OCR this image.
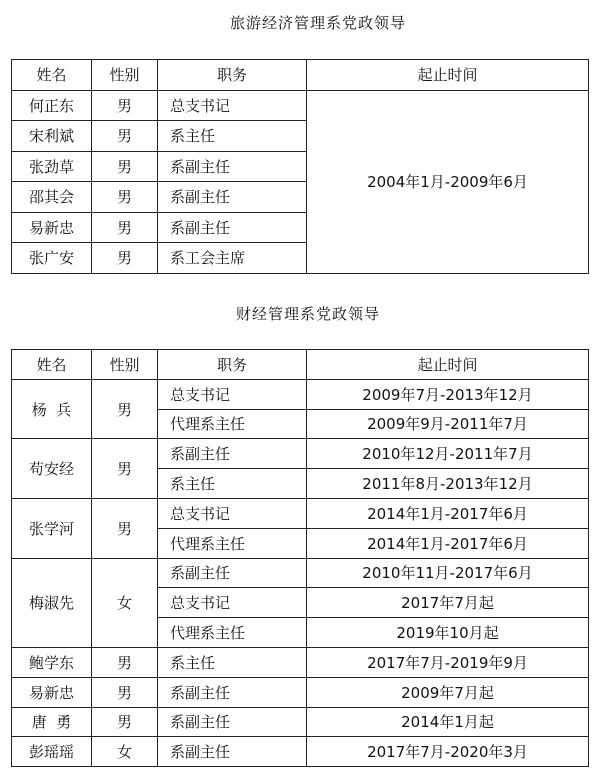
旅游经济管理系党政领导
姓名	性别	职务	起止时间
何正东	男	总支书记	2004年1月-2009年6月
宋利斌	男	系主任	
张劲草	男	系副主任	
邵其会	男	系副主任	
易新忠	男	系副主任	
张广安	男	系工会主席	
财经管理系党政领导
姓名	性别	职务	起止时间
杨  兵	男	总支书记	2009年7月-2013年12月
		代理系主任	2009年9月-2011年7月
苟安经	男	系副主任	2010年12月-2011年7月
		系主任	2011年8月-2013年12月
张学河	男	总支书记	2014年1月-2017年6月
		代理系主任	2014年1月-2017年6月
梅淑先	女	系副主任	2010年11月-2017年6月
		总支书记	2017年7月起
		代理系主任	2019年10月起
鲍学东	男	系主任	2017年7月-2019年9月
易新忠	男	系副主任	2009年7月起
唐  勇	男	系副主任	2014年1月起
彭瑶瑶	女	系副主任	2017年7月-2020年3月
